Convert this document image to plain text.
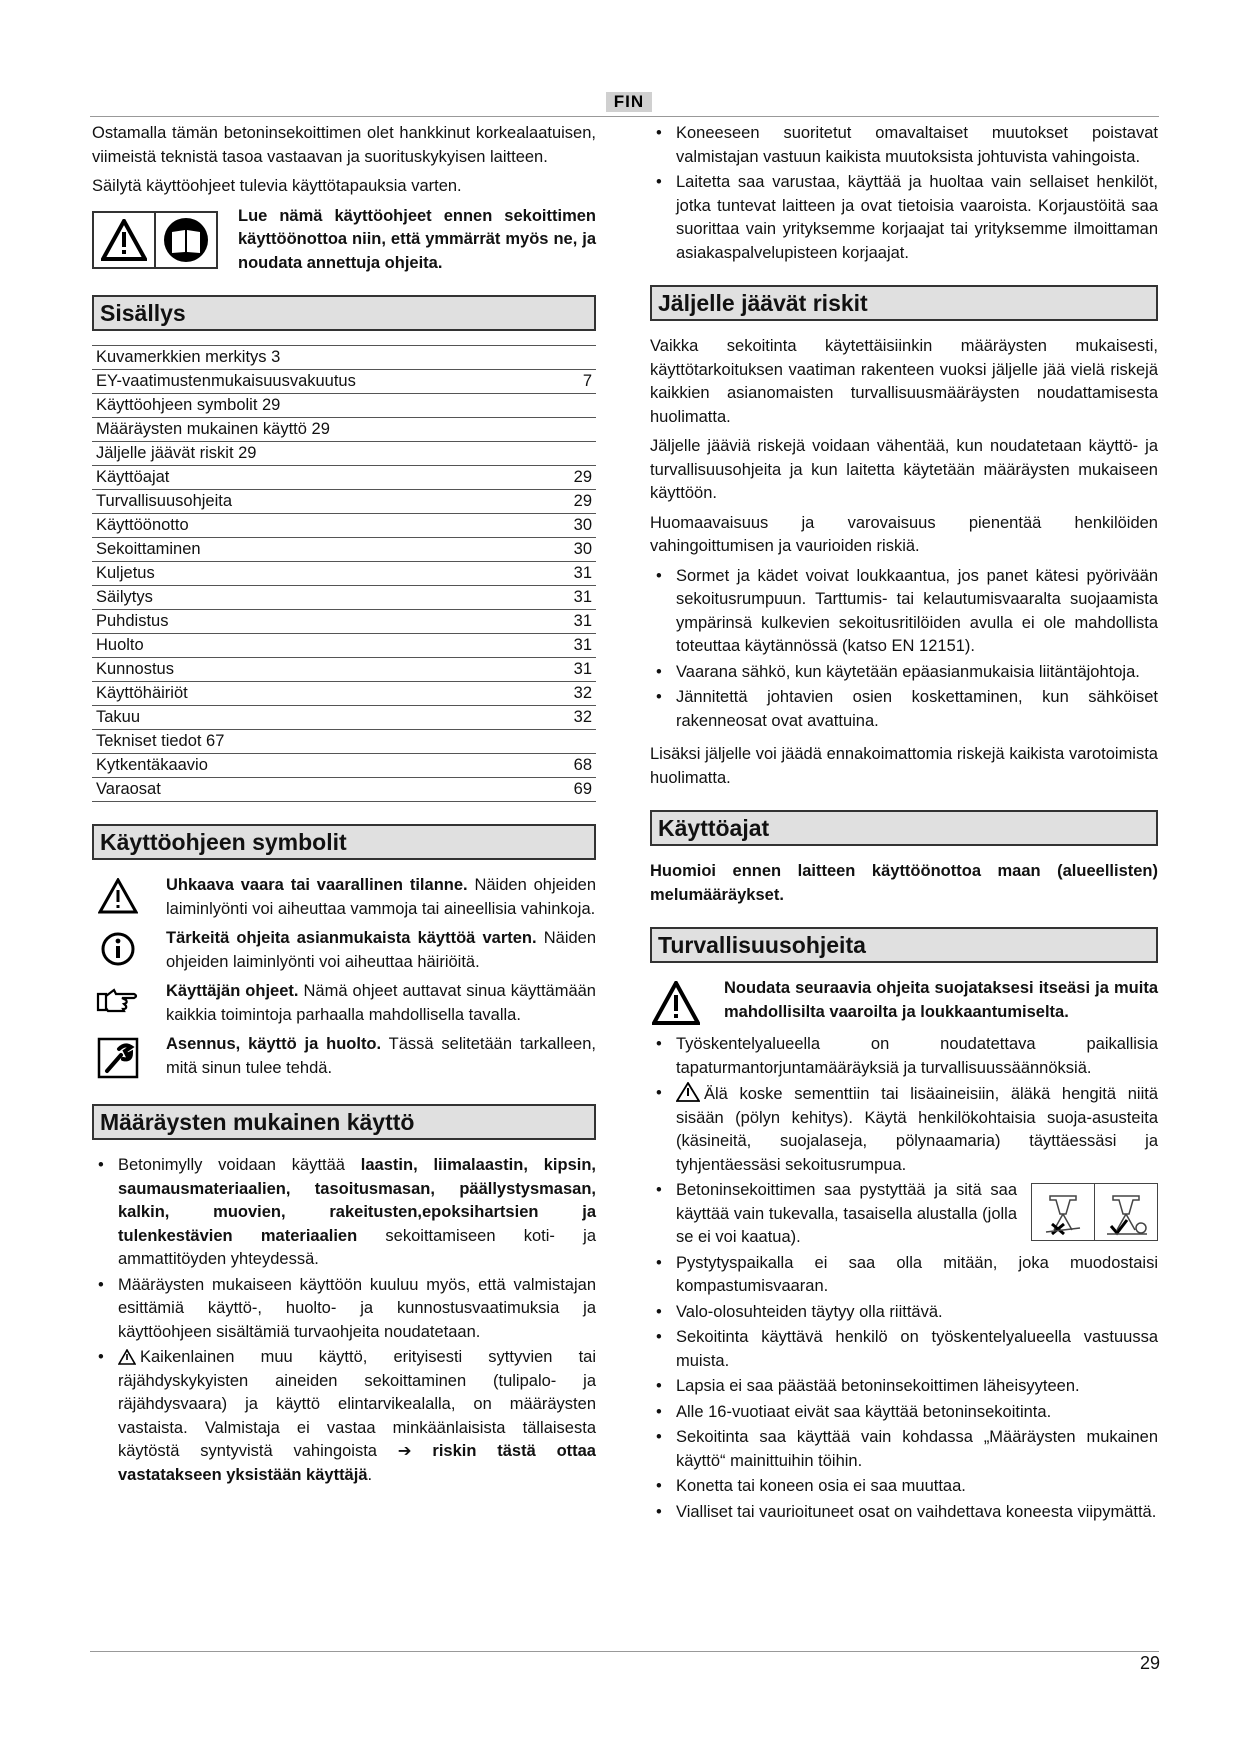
FIN

Ostamalla tämän betoninsekoittimen olet hankkinut korkealaatuisen, viimeistä teknistä tasoa vastaavan ja suorituskykyisen laitteen.

Säilytä käyttöohjeet tulevia käyttötapauksia varten.

Lue nämä käyttöohjeet ennen sekoittimen käyttöönottoa niin, että ymmärrät myös ne, ja noudata annettuja ohjeita.

Sisällys
Kuvamerkkien merkitys 3
EY-vaatimustenmukaisuusvakuutus	7
Käyttöohjeen symbolit 29
Määräysten mukainen käyttö 29
Jäljelle jäävät riskit 29
Käyttöajat	29
Turvallisuusohjeita	29
Käyttöönotto	30
Sekoittaminen	30
Kuljetus	31
Säilytys	31
Puhdistus	31
Huolto	31
Kunnostus	31
Käyttöhäiriöt	32
Takuu	32
Tekniset tiedot 67
Kytkentäkaavio	68
Varaosat	69
Käyttöohjeen symbolit
Uhkaava vaara tai vaarallinen tilanne. Näiden ohjeiden laiminlyönti voi aiheuttaa vammoja tai aineellisia vahinkoja.
Tärkeitä ohjeita asianmukaista käyttöä varten. Näiden ohjeiden laiminlyönti voi aiheuttaa häiriöitä.
Käyttäjän ohjeet. Nämä ohjeet auttavat sinua käyttämään kaikkia toimintoja parhaalla mahdollisella tavalla.
Asennus, käyttö ja huolto. Tässä selitetään tarkalleen, mitä sinun tulee tehdä.
Määräysten mukainen käyttö
• Betonimylly voidaan käyttää laastin, liimalaastin, kipsin, saumausmateriaalien, tasoitusmasan, päällystysmasan, kalkin, muovien, rakeitusten,epoksihartsien ja tulenkestävien materiaalien sekoittamiseen koti- ja ammattitöyden yhteydessä.
• Määräysten mukaiseen käyttöön kuuluu myös, että valmistajan esittämiä käyttö-, huolto- ja kunnostusvaatimuksia ja käyttöohjeen sisältämiä turvaohjeita noudatetaan.
• Kaikenlainen muu käyttö, erityisesti syttyvien tai räjähdyskykyisten aineiden sekoittaminen (tulipalo- ja räjähdysvaara) ja käyttö elintarvikealalla, on määräysten vastaista. Valmistaja ei vastaa minkäänlaisista tällaisesta käytöstä syntyvistä vahingoista ➔ riskin tästä ottaa vastatakseen yksistään käyttäjä.
• Koneeseen suoritetut omavaltaiset muutokset poistavat valmistajan vastuun kaikista muutoksista johtuvista vahingoista.
• Laitetta saa varustaa, käyttää ja huoltaa vain sellaiset henkilöt, jotka tuntevat laitteen ja ovat tietoisia vaaroista. Korjaustöitä saa suorittaa vain yrityksemme korjaajat tai yrityksemme ilmoittaman asiakaspalvelupisteen korjaajat.
Jäljelle jäävät riskit

Vaikka sekoitinta käytettäisiinkin määräysten mukaisesti, käyttötarkoituksen vaatiman rakenteen vuoksi jäljelle jää vielä riskejä kaikkien asianomaisten turvallisuusmääräysten noudattamisesta huolimatta.

Jäljelle jääviä riskejä voidaan vähentää, kun noudatetaan käyttö- ja turvallisuusohjeita ja kun laitetta käytetään määräysten mukaiseen käyttöön.

Huomaavaisuus ja varovaisuus pienentää henkilöiden vahingoittumisen ja vaurioiden riskiä.

• Sormet ja kädet voivat loukkaantua, jos panet kätesi pyörivään sekoitusrumpuun. Tarttumis- tai kelautumisvaaralta suojaamista ympärinsä kulkevien sekoitusritilöiden avulla ei ole mahdollista toteuttaa käytännössä (katso EN 12151).
• Vaarana sähkö, kun käytetään epäasianmukaisia liitäntäjohtoja.
• Jännitettä johtavien osien koskettaminen, kun sähköiset rakenneosat ovat avattuina.

Lisäksi jäljelle voi jäädä ennakoimattomia riskejä kaikista varotoimista huolimatta.

Käyttöajat

Huomioi ennen laitteen käyttöönottoa maan (alueellisten) melumääräykset.

Turvallisuusohjeita
Noudata seuraavia ohjeita suojataksesi itseäsi ja muita mahdollisilta vaaroilta ja loukkaantumiselta.
• Työskentelyalueella on noudatettava paikallisia tapaturmantorjuntamääräyksiä ja turvallisuussäännöksiä.
• Älä koske sementtiin tai lisäaineisiin, äläkä hengitä niitä sisään (pölyn kehitys). Käytä henkilökohtaisia suoja-asusteita (käsineitä, suojalaseja, pölynaamaria) täyttäessäsi ja tyhjentäessäsi sekoitusrumpua.
• Betoninsekoittimen saa pystyttää ja sitä saa käyttää vain tukevalla, tasaisella alustalla (jolla se ei voi kaatua).
• Pystytyspaikalla ei saa olla mitään, joka muodostaisi kompastumisvaaran.
• Valo-olosuhteiden täytyy olla riittävä.
• Sekoitinta käyttävä henkilö on työskentelyalueella vastuussa muista.
• Lapsia ei saa päästää betoninsekoittimen läheisyyteen.
• Alle 16-vuotiaat eivät saa käyttää betoninsekoitinta.
• Sekoitinta saa käyttää vain kohdassa „Määräysten mukainen käyttö“ mainittuihin töihin.
• Konetta tai koneen osia ei saa muuttaa.
• Vialliset tai vaurioituneet osat on vaihdettava koneesta viipymättä.
29
